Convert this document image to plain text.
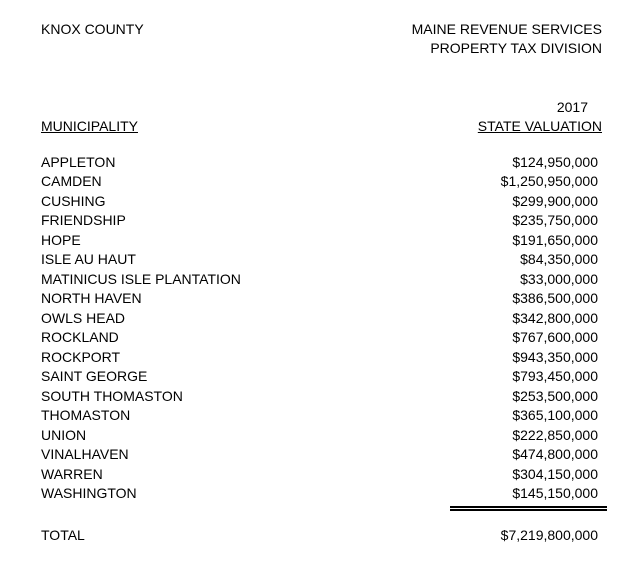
KNOX COUNTY	MAINE REVENUE SERVICES
PROPERTY TAX DIVISION
2017
MUNICIPALITY	STATE VALUATION
APPLETON	$124,950,000
CAMDEN	$1,250,950,000
CUSHING	$299,900,000
FRIENDSHIP	$235,750,000
HOPE	$191,650,000
ISLE AU HAUT	$84,350,000
MATINICUS ISLE PLANTATION	$33,000,000
NORTH HAVEN	$386,500,000
OWLS HEAD	$342,800,000
ROCKLAND	$767,600,000
ROCKPORT	$943,350,000
SAINT GEORGE	$793,450,000
SOUTH THOMASTON	$253,500,000
THOMASTON	$365,100,000
UNION	$222,850,000
VINALHAVEN	$474,800,000
WARREN	$304,150,000
WASHINGTON	$145,150,000
TOTAL	$7,219,800,000
